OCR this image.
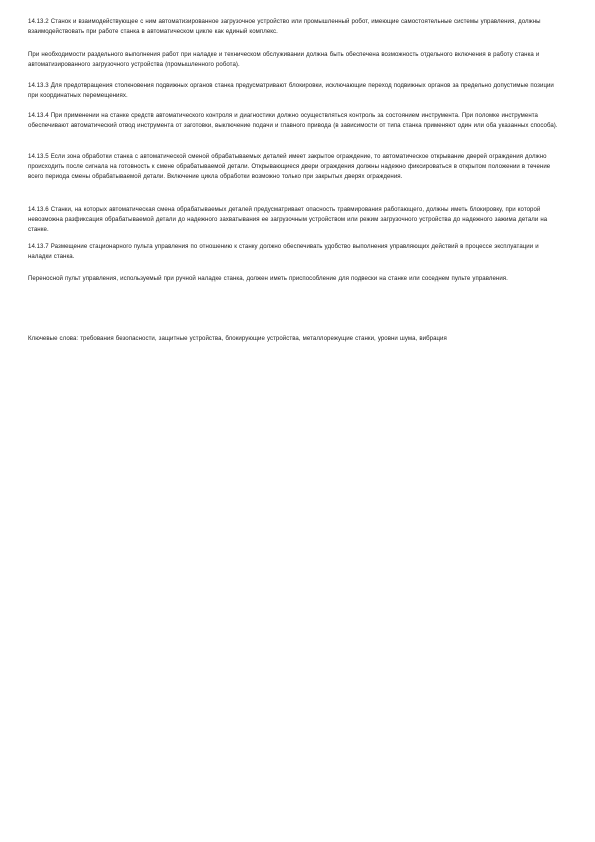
14.13.2 Станок и взаимодействующее с ним автоматизированное загрузочное устройство или промышленный робот, имеющие самостоятельные системы управления, должны взаимодействовать при работе станка в автоматическом цикле как единый комплекс.

При необходимости раздельного выполнения работ при наладке и техническом обслуживании должна быть обеспечена возможность отдельного включения в работу станка и автоматизированного загрузочного устройства (промышленного робота).

14.13.3 Для предотвращения столкновения подвижных органов станка предусматривают блокировки, исключающие переход подвижных органов за предельно допустимые позиции при координатных перемещениях.

14.13.4 При применении на станке средств автоматического контроля и диагностики должно осуществляться контроль за состоянием инструмента. При поломке инструмента обеспечивают автоматический отвод инструмента от заготовки, выключение подачи и главного привода (в зависимости от типа станка применяют один или оба указанных способа).

14.13.5 Если зона обработки станка с автоматической сменой обрабатываемых деталей имеет закрытое ограждение, то автоматическое открывание дверей ограждения должно происходить после сигнала на готовность к смене обрабатываемой детали. Открывающиеся двери ограждения должны надежно фиксироваться в открытом положении в течение всего периода смены обрабатываемой детали. Включение цикла обработки возможно только при закрытых дверях ограждения.

14.13.6 Станки, на которых автоматическая смена обрабатываемых деталей предусматривает опасность травмирования работающего, должны иметь блокировку, при которой невозможна разфиксация обрабатываемой детали до надежного захватывания ее загрузочным устройством или режим загрузочного устройства до надежного зажима детали на станке.

14.13.7 Размещение стационарного пульта управления по отношению к станку должно обеспечивать удобство выполнения управляющих действий в процессе эксплуатации и наладки станка.

Переносной пульт управления, используемый при ручной наладке станка, должен иметь приспособление для подвески на станке или соседнем пульте управления.

Ключевые слова: требования безопасности, защитные устройства, блокирующие устройства, металлорежущие станки, уровни шума, вибрация
